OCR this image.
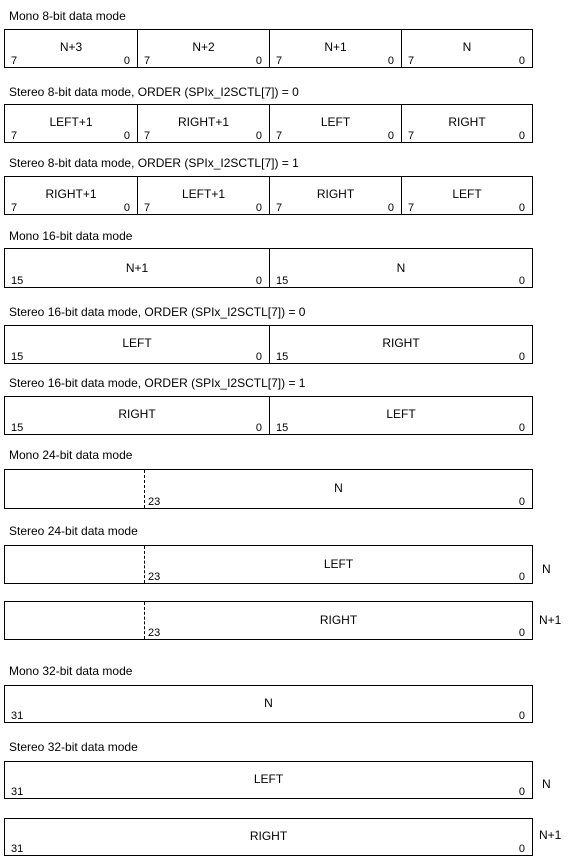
Mono 8-bit data mode
N+3
7	0
N+2
7	0
N+1
7	0
N
7	0
Stereo 8-bit data mode, ORDER (SPIx_I2SCTL[7]) = 0
LEFT+1
7	0
RIGHT+1
7	0
LEFT
7	0
RIGHT
7	0
Stereo 8-bit data mode, ORDER (SPIx_I2SCTL[7]) = 1
RIGHT+1
7	0
LEFT+1
7	0
RIGHT
7	0
LEFT
7	0
Mono 16-bit data mode
N+1
15	0
N
15	0
Stereo 16-bit data mode, ORDER (SPIx_I2SCTL[7]) = 0
LEFT
15	0
RIGHT
15	0
Stereo 16-bit data mode, ORDER (SPIx_I2SCTL[7]) = 1
RIGHT
15	0
LEFT
15	0
Mono 24-bit data mode
N
23	0
Stereo 24-bit data mode
LEFT
23	0
N
RIGHT
23	0
N+1
Mono 32-bit data mode
N
31	0
Stereo 32-bit data mode
LEFT
31	0
N
RIGHT
31	0
N+1
